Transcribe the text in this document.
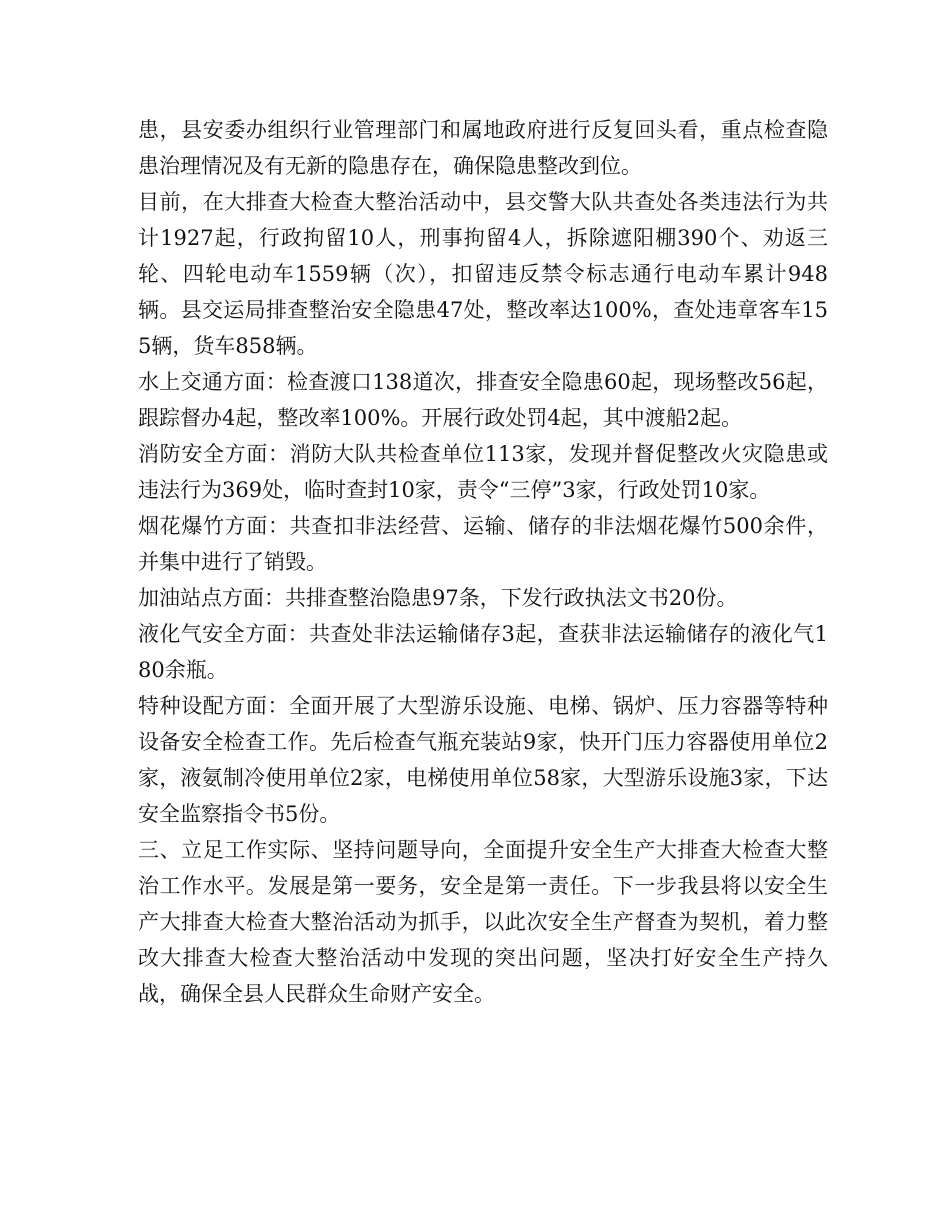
患，县安委办组织行业管理部门和属地政府进行反复回头看，重点检查隐患治理情况及有无新的隐患存在，确保隐患整改到位。

目前，在大排查大检查大整治活动中，县交警大队共查处各类违法行为共计1927起，行政拘留10人，刑事拘留4人，拆除遮阳棚390个、劝返三轮、四轮电动车1559辆（次），扣留违反禁令标志通行电动车累计948辆。县交运局排查整治安全隐患47处，整改率达100%，查处违章客车155辆，货车858辆。

水上交通方面：检查渡口138道次，排查安全隐患60起，现场整改56起，跟踪督办4起，整改率100%。开展行政处罚4起，其中渡船2起。

消防安全方面：消防大队共检查单位113家，发现并督促整改火灾隐患或违法行为369处，临时查封10家，责令“三停”3家，行政处罚10家。

烟花爆竹方面：共查扣非法经营、运输、储存的非法烟花爆竹500余件，并集中进行了销毁。

加油站点方面：共排查整治隐患97条，下发行政执法文书20份。

液化气安全方面：共查处非法运输储存3起，查获非法运输储存的液化气180余瓶。

特种设配方面：全面开展了大型游乐设施、电梯、锅炉、压力容器等特种设备安全检查工作。先后检查气瓶充装站9家，快开门压力容器使用单位2家，液氨制冷使用单位2家，电梯使用单位58家，大型游乐设施3家，下达安全监察指令书5份。

三、立足工作实际、坚持问题导向，全面提升安全生产大排查大检查大整治工作水平。发展是第一要务，安全是第一责任。下一步我县将以安全生产大排查大检查大整治活动为抓手，以此次安全生产督查为契机，着力整改大排查大检查大整治活动中发现的突出问题，坚决打好安全生产持久战，确保全县人民群众生命财产安全。
